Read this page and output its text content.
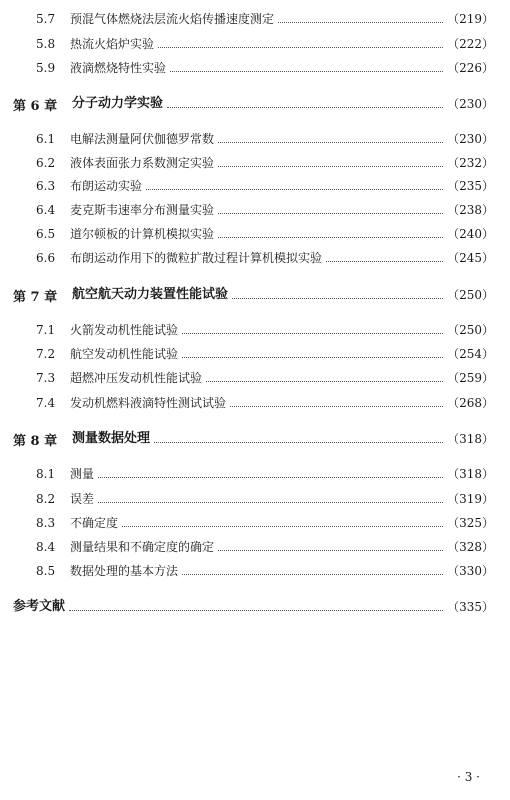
5.7 预混气体燃烧法层流火焰传播速度测定	（219）
5.8 热流火焰炉实验	（222）
5.9 液滴燃烧特性实验	（226）
第 6 章 分子动力学实验	（230）
6.1 电解法测量阿伏伽德罗常数	（230）
6.2 液体表面张力系数测定实验	（232）
6.3 布朗运动实验	（235）
6.4 麦克斯韦速率分布测量实验	（238）
6.5 道尔顿板的计算机模拟实验	（240）
6.6 布朗运动作用下的微粒扩散过程计算机模拟实验	（245）
第 7 章 航空航天动力装置性能试验	（250）
7.1 火箭发动机性能试验	（250）
7.2 航空发动机性能试验	（254）
7.3 超燃冲压发动机性能试验	（259）
7.4 发动机燃料液滴特性测试试验	（268）
第 8 章 测量数据处理	（318）
8.1 测量	（318）
8.2 误差	（319）
8.3 不确定度	（325）
8.4 测量结果和不确定度的确定	（328）
8.5 数据处理的基本方法	（330）
参考文献	（335）
· 3 ·
